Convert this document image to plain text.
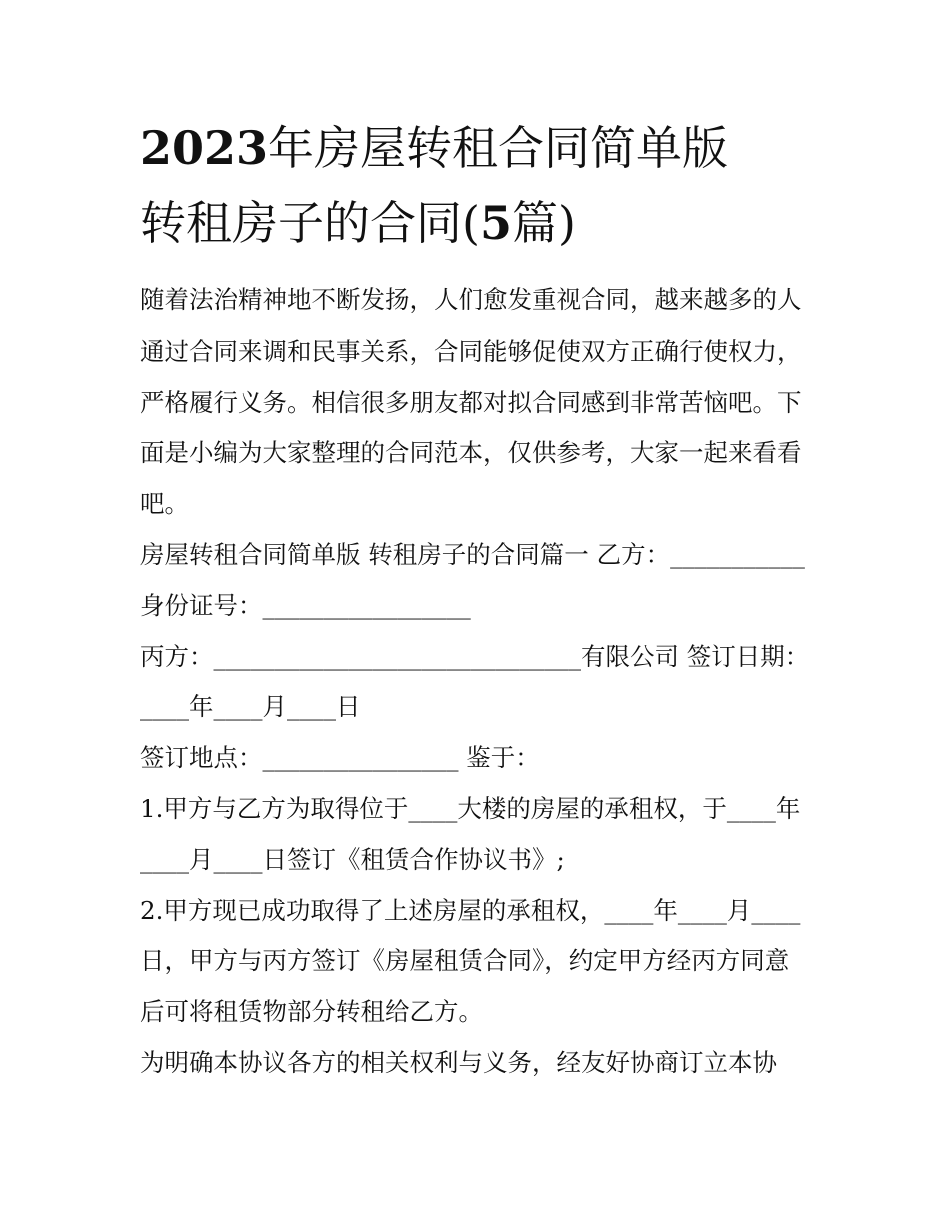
2023年房屋转租合同简单版
转租房子的合同(5篇)

随着法治精神地不断发扬，人们愈发重视合同，越来越多的人

通过合同来调和民事关系，合同能够促使双方正确行使权力，

严格履行义务。相信很多朋友都对拟合同感到非常苦恼吧。下

面是小编为大家整理的合同范本，仅供参考，大家一起来看看

吧。

房屋转租合同简单版 转租房子的合同篇一 乙方：___________

身份证号：_________________

丙方：______________________________有限公司 签订日期：

____年____月____日

签订地点：________________ 鉴于：

1.甲方与乙方为取得位于____大楼的房屋的承租权，于____年

____月____日签订《租赁合作协议书》;

2.甲方现已成功取得了上述房屋的承租权，____年____月____

日，甲方与丙方签订《房屋租赁合同》，约定甲方经丙方同意

后可将租赁物部分转租给乙方。

为明确本协议各方的相关权利与义务，经友好协商订立本协
